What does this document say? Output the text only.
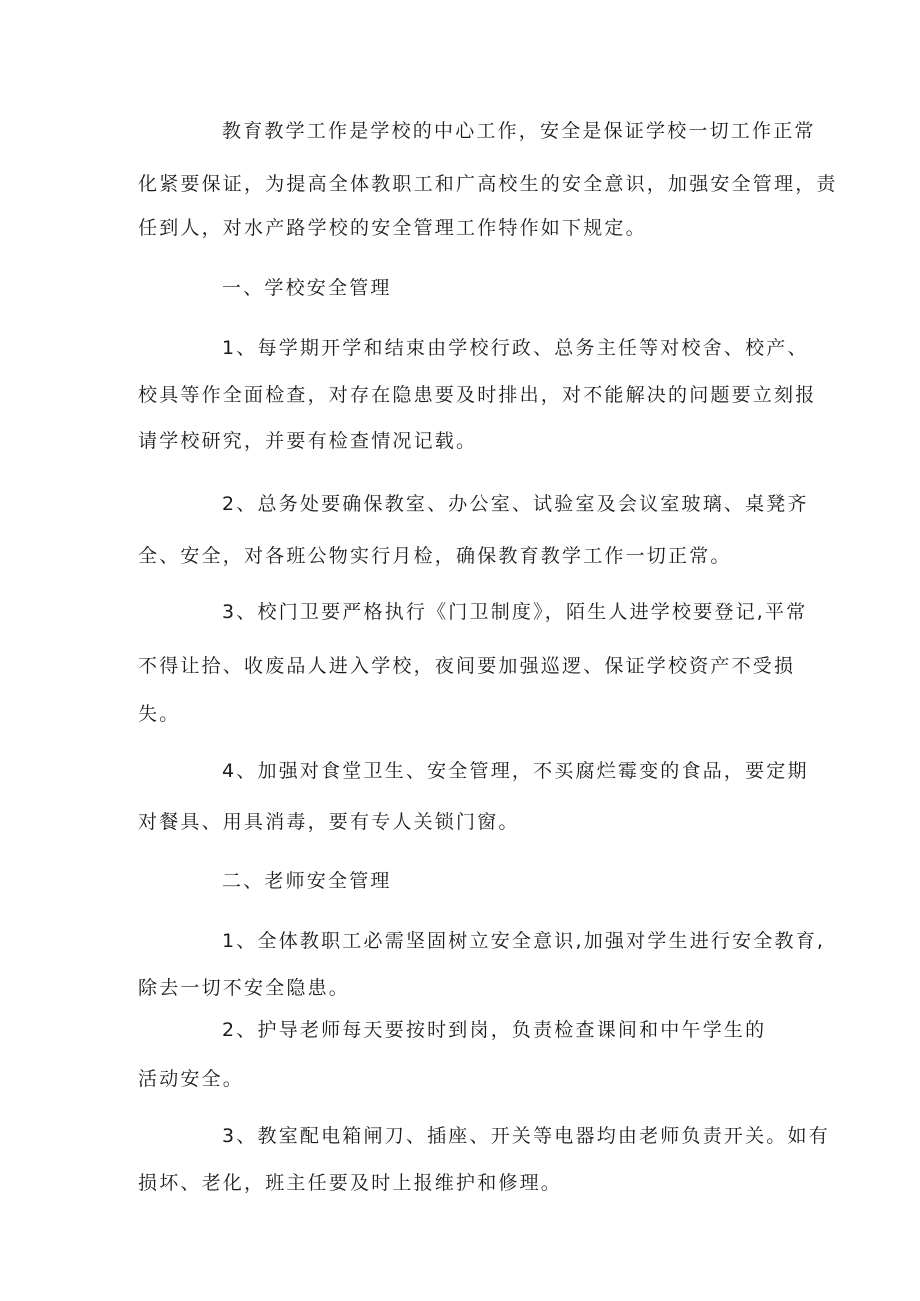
教育教学工作是学校的中心工作，安全是保证学校一切工作正常
化紧要保证，为提高全体教职工和广高校生的安全意识，加强安全管理，责
任到人，对水产路学校的安全管理工作特作如下规定。
一、学校安全管理
1、每学期开学和结束由学校行政、总务主任等对校舍、校产、
校具等作全面检查，对存在隐患要及时排出，对不能解决的问题要立刻报
请学校研究，并要有检查情况记载。
2、总务处要确保教室、办公室、试验室及会议室玻璃、桌凳齐
全、安全，对各班公物实行月检，确保教育教学工作一切正常。
3、校门卫要严格执行《门卫制度》，陌生人进学校要登记,平常
不得让拾、收废品人进入学校，夜间要加强巡逻、保证学校资产不受损
失。
4、加强对食堂卫生、安全管理，不买腐烂霉变的食品，要定期
对餐具、用具消毒，要有专人关锁门窗。
二、老师安全管理
1、全体教职工必需坚固树立安全意识,加强对学生进行安全教育,
除去一切不安全隐患。
2、护导老师每天要按时到岗，负责检查课间和中午学生的
活动安全。
3、教室配电箱闸刀、插座、开关等电器均由老师负责开关。如有
损坏、老化，班主任要及时上报维护和修理。
